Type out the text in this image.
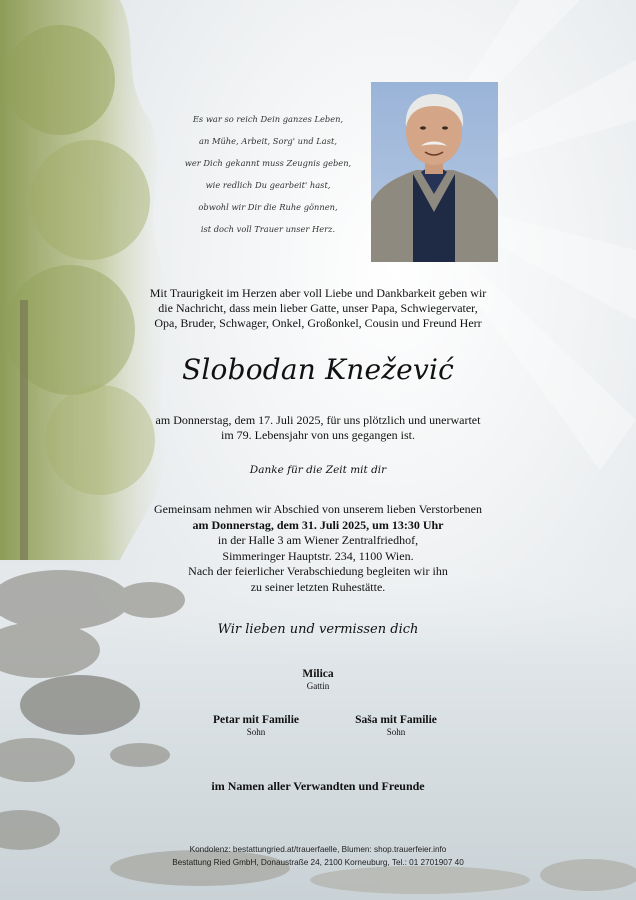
Es war so reich Dein ganzes Leben,
an Mühe, Arbeit, Sorg' und Last,
wer Dich gekannt muss Zeugnis geben,
wie redlich Du gearbeit' hast,
obwohl wir Dir die Ruhe gönnen,
ist doch voll Trauer unser Herz.
Mit Traurigkeit im Herzen aber voll Liebe und Dankbarkeit geben wir
die Nachricht, dass mein lieber Gatte, unser Papa, Schwiegervater,
Opa, Bruder, Schwager, Onkel, Großonkel, Cousin und Freund Herr
Slobodan Knežević
am Donnerstag, dem 17. Juli 2025, für uns plötzlich und unerwartet
im 79. Lebensjahr von uns gegangen ist.
Danke für die Zeit mit dir
Gemeinsam nehmen wir Abschied von unserem lieben Verstorbenen
am Donnerstag, dem 31. Juli 2025, um 13:30 Uhr
in der Halle 3 am Wiener Zentralfriedhof,
Simmeringer Hauptstr. 234, 1100 Wien.
Nach der feierlicher Verabschiedung begleiten wir ihn
zu seiner letzten Ruhestätte.
Wir lieben und vermissen dich
Milica
Gattin
Petar mit Familie
Sohn
Saša mit Familie
Sohn
im Namen aller Verwandten und Freunde
Kondolenz: bestattungried.at/trauerfaelle, Blumen: shop.trauerfeier.info
Bestattung Ried GmbH, Donaustraße 24, 2100 Korneuburg, Tel.: 01 2701907 40
